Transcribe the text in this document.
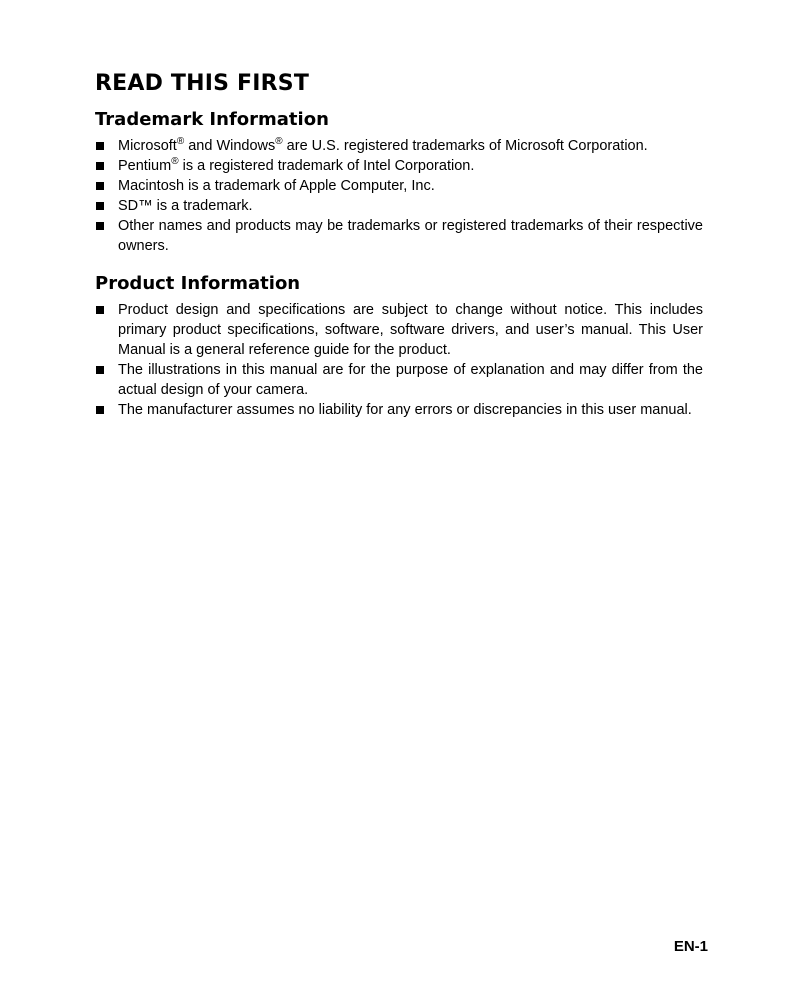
READ THIS FIRST
Trademark Information
Microsoft® and Windows® are U.S. registered trademarks of Microsoft Corporation.
Pentium® is a registered trademark of Intel Corporation.
Macintosh is a trademark of Apple Computer, Inc.
SD™ is a trademark.
Other names and products may be trademarks or registered trademarks of their respective owners.
Product Information
Product design and specifications are subject to change without notice. This includes primary product specifications, software, software drivers, and user’s manual. This User Manual is a general reference guide for the product.
The illustrations in this manual are for the purpose of explanation and may differ from the actual design of your camera.
The manufacturer assumes no liability for any errors or discrepancies in this user manual.
EN-1
